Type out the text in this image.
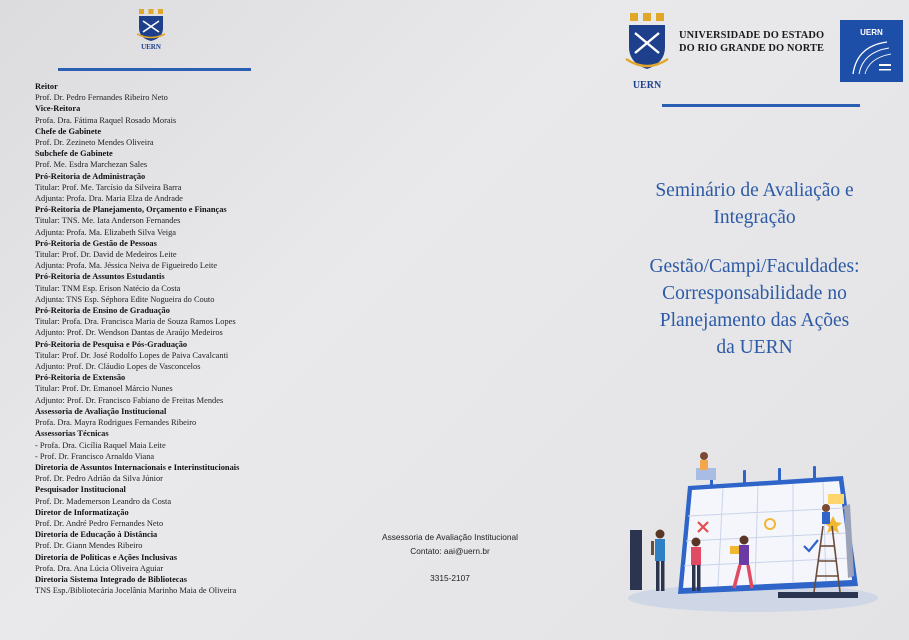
UERN
Reitor
Prof. Dr. Pedro Fernandes Ribeiro Neto
Vice-Reitora
Profa. Dra. Fátima Raquel Rosado Morais
Chefe de Gabinete
Prof. Dr. Zezineto Mendes Oliveira
Subchefe de Gabinete
Prof. Me. Esdra Marchezan Sales
Pró-Reitoria de Administração
Titular: Prof. Me. Tarcísio da Silveira Barra
Adjunta: Profa. Dra. Maria Elza de Andrade
Pró-Reitoria de Planejamento, Orçamento e Finanças
Titular: TNS. Me. Iata Anderson Fernandes
Adjunta: Profa. Ma. Elizabeth Silva Veiga
Pró-Reitoria de Gestão de Pessoas
Titular: Prof. Dr. David de Medeiros Leite
Adjunta: Profa. Ma. Jéssica Neiva de Figueiredo Leite
Pró-Reitoria de Assuntos Estudantis
Titular: TNM Esp. Erison Natécio da Costa
Adjunta: TNS Esp. Séphora Edite Nogueira do Couto
Pró-Reitoria de Ensino de Graduação
Titular: Profa. Dra. Francisca Maria de Souza Ramos Lopes
Adjunto: Prof. Dr. Wendson Dantas de Araújo Medeiros
Pró-Reitoria de Pesquisa e Pós-Graduação
Titular: Prof. Dr. José Rodolfo Lopes de Paiva Cavalcanti
Adjunto: Prof. Dr. Cláudio Lopes de Vasconcelos
Pró-Reitoria de Extensão
Titular: Prof. Dr. Emanoel Márcio Nunes
Adjunto: Prof. Dr. Francisco Fabiano de Freitas Mendes
Assessoria de Avaliação Institucional
Profa. Dra. Mayra Rodrigues Fernandes Ribeiro
Assessorias Técnicas
- Profa. Dra. Cicília Raquel Maia Leite
- Prof. Dr. Francisco Arnaldo Viana
Diretoria de Assuntos Internacionais e Interinstitucionais
Prof. Dr. Pedro Adrião da Silva Júnior
Pesquisador Institucional
Prof. Dr. Mademerson Leandro da Costa
Diretor de Informatização
Prof. Dr. André Pedro Fernandes Neto
Diretoria de Educação à Distância
Prof. Dr. Giann Mendes Ribeiro
Diretoria de Políticas e Ações Inclusivas
Profa. Dra. Ana Lúcia Oliveira Aguiar
Diretoria Sistema Integrado de Bibliotecas
TNS Esp./Bibliotecária Jocelânia Marinho Maia de Oliveira
Assessoria de Avaliação Institucional
Contato: aai@uern.br
3315-2107
UERN
UNIVERSIDADE DO ESTADO
DO RIO GRANDE DO NORTE
UERN
Seminário de Avaliação e
Integração
Gestão/Campi/Faculdades:
Corresponsabilidade no
Planejamento das Ações
da UERN
